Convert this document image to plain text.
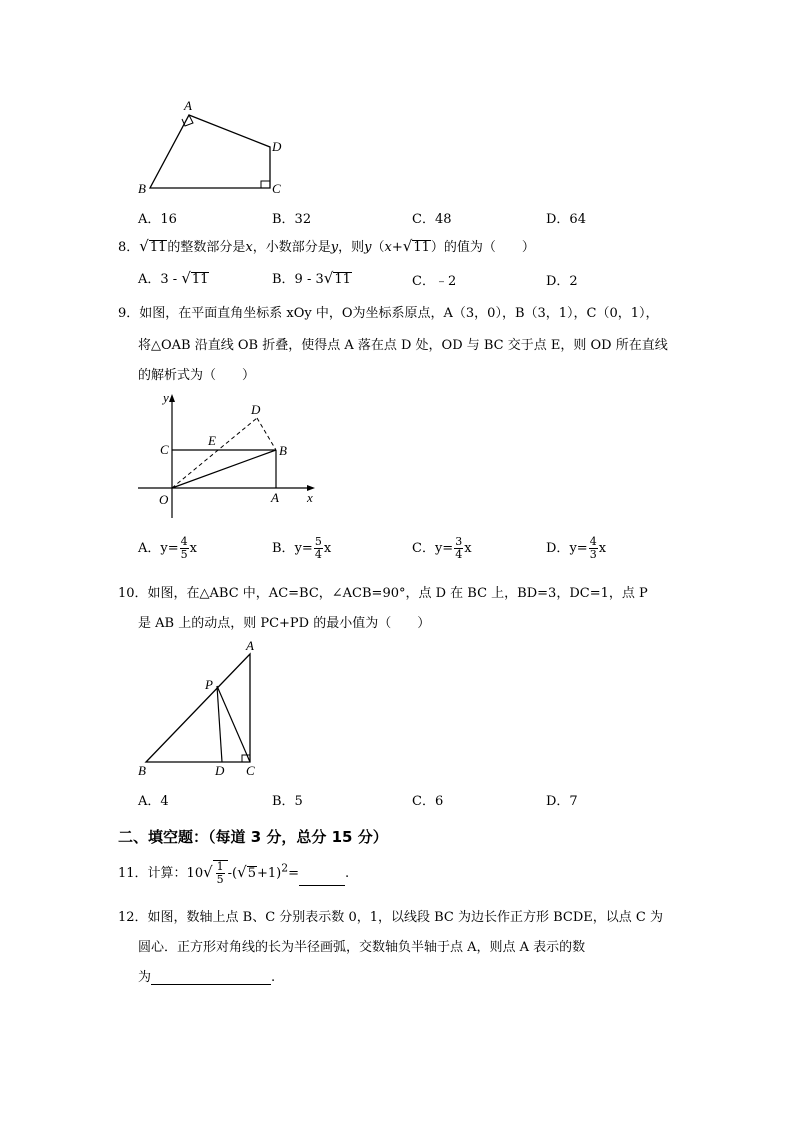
A
D
B	C
A．16	B．32	C．48	D．64
8．√11的整数部分是x，小数部分是y，则y（x+√11）的值为（　　）
A．3 - √11	B．9 - 3√11	C．﹣2	D．2
9．如图，在平面直角坐标系 xOy 中，O为坐标系原点，A（3，0），B（3，1），C（0，1），
将△OAB 沿直线 OB 折叠，使得点 A 落在点 D 处，OD 与 BC 交于点 E，则 OD 所在直线
的解析式为（　　）
y
D
C
E
B
O	A x
A．$y= \frac{4}{5}$ x	B．$y= \frac{5}{4}$ x	C．$y= \frac{3}{4}$ x	D．$y= \frac{4}{3}$ x
10．如图，在△ABC 中，AC=BC，∠ACB=90°，点 D 在 BC 上，BD=3，DC=1，点 P
是 AB 上的动点，则 PC+PD 的最小值为（　　）
A
P
B	D C
A．4	B．5	C．6	D．7
二、填空题：（每道 3 分，总分 15 分）
11．计算：$10√ \frac{1}{5} -(√5+1)^2=$	.
12．如图，数轴上点 B、C 分别表示数 0，1，以线段 BC 为边长作正方形 BCDE，以点 C 为
圆心．正方形对角线的长为半径画弧，交数轴负半轴于点 A，则点 A 表示的数
为	.
